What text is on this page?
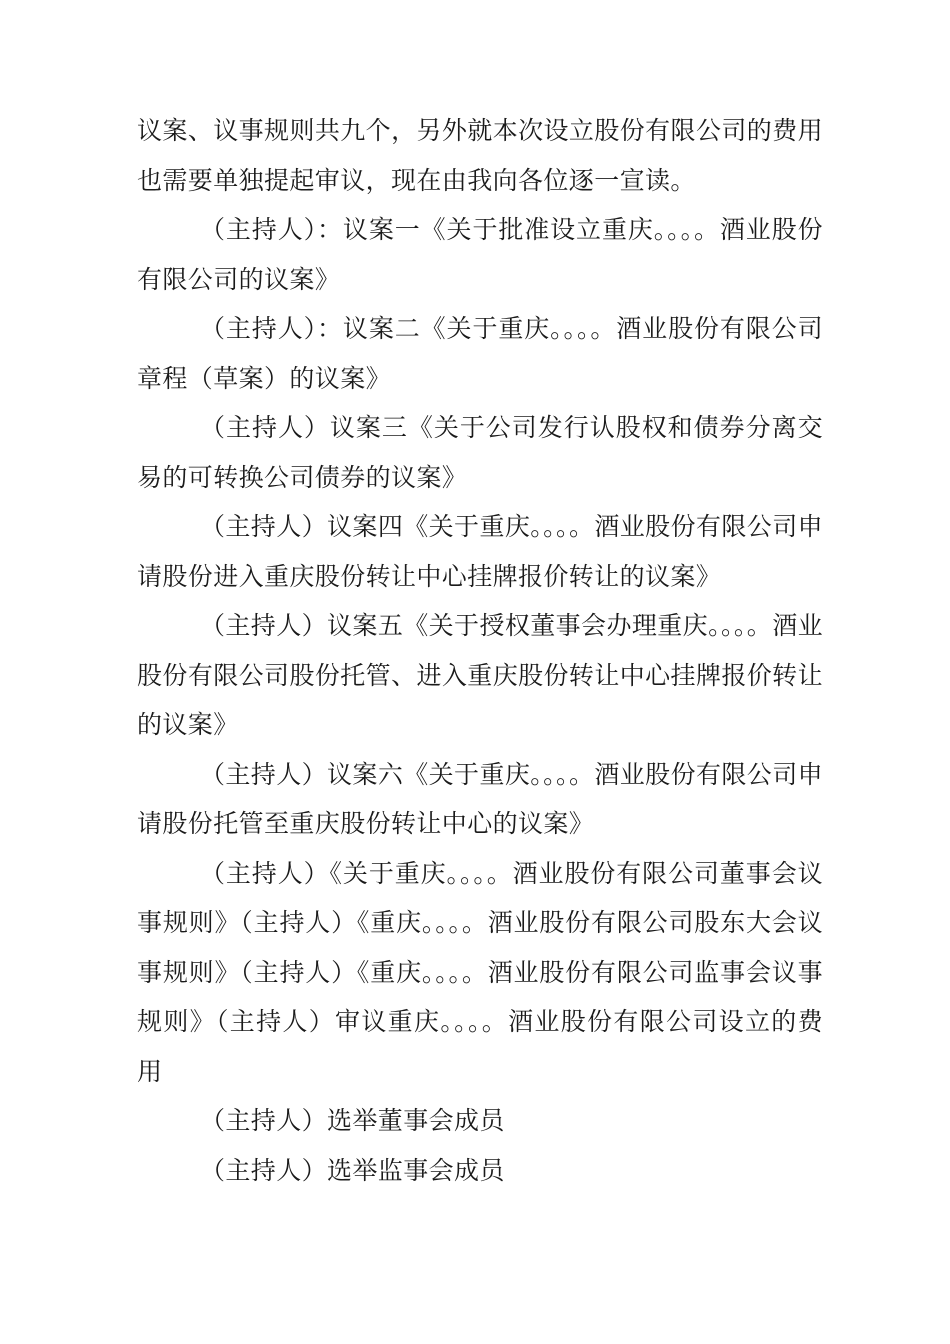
议案、议事规则共九个，另外就本次设立股份有限公司的费用也需要单独提起审议，现在由我向各位逐一宣读。

（主持人）：议案一《关于批准设立重庆。。。。酒业股份有限公司的议案》

（主持人）：议案二《关于重庆。。。。酒业股份有限公司章程（草案）的议案》

（主持人）议案三《关于公司发行认股权和债券分离交易的可转换公司债券的议案》

（主持人）议案四《关于重庆。。。。酒业股份有限公司申请股份进入重庆股份转让中心挂牌报价转让的议案》

（主持人）议案五《关于授权董事会办理重庆。。。。酒业股份有限公司股份托管、进入重庆股份转让中心挂牌报价转让的议案》

（主持人）议案六《关于重庆。。。。酒业股份有限公司申请股份托管至重庆股份转让中心的议案》

（主持人）《关于重庆。。。。酒业股份有限公司董事会议事规则》（主持人）《重庆。。。。酒业股份有限公司股东大会议事规则》（主持人）《重庆。。。。酒业股份有限公司监事会议事规则》（主持人）审议重庆。。。。酒业股份有限公司设立的费用

（主持人）选举董事会成员

（主持人）选举监事会成员
